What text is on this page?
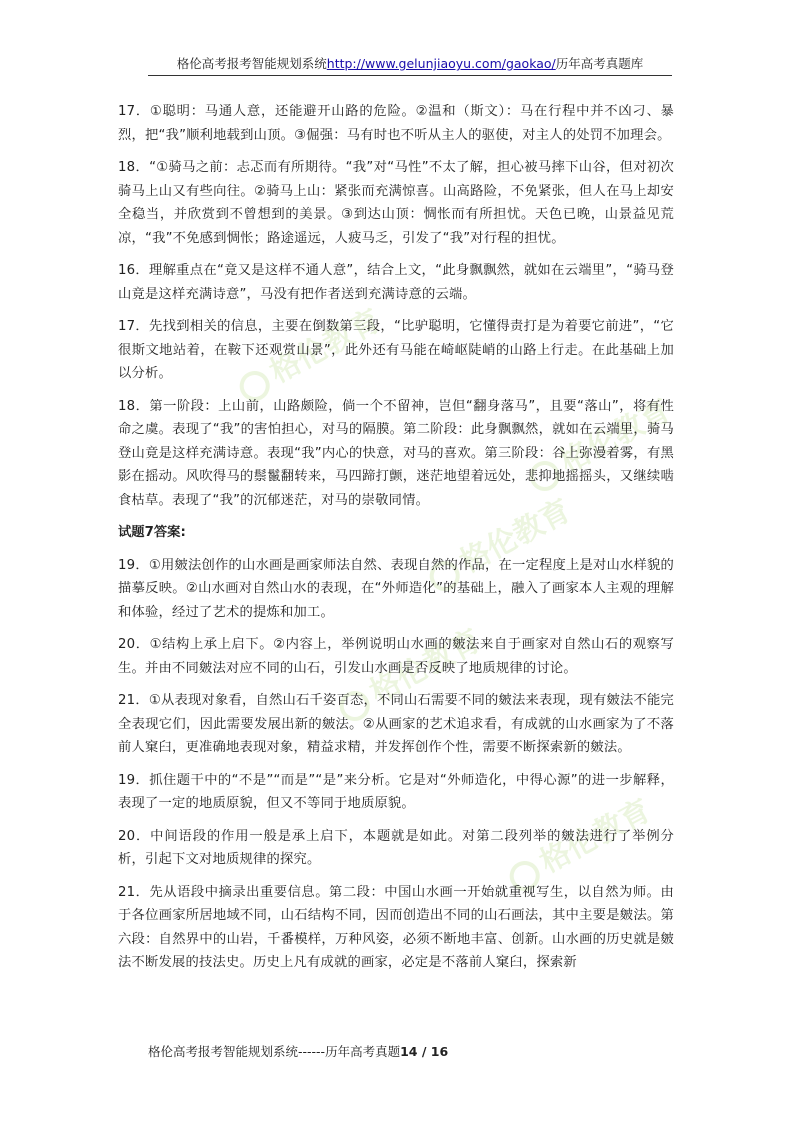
格伦高考报考智能规划系统http://www.gelunjiaoyu.com/gaokao/历年高考真题库
格伦教育
格伦教育
格伦教育
格伦教育
格伦教育

17．①聪明：马通人意，还能避开山路的危险。②温和（斯文）：马在行程中并不凶刁、暴烈，把“我”顺利地载到山顶。③倔强：马有时也不听从主人的驱使，对主人的处罚不加理会。

18．“①骑马之前：忐忑而有所期待。“我”对“马性”不太了解，担心被马摔下山谷，但对初次骑马上山又有些向往。②骑马上山：紧张而充满惊喜。山高路险，不免紧张，但人在马上却安全稳当，并欣赏到不曾想到的美景。③到达山顶：惆怅而有所担忧。天色已晚，山景益见荒凉，“我”不免感到惆怅；路途遥远，人疲马乏，引发了“我”对行程的担忧。

16．理解重点在“竟又是这样不通人意”，结合上文，“此身飘飘然，就如在云端里”，“骑马登山竟是这样充满诗意”，马没有把作者送到充满诗意的云端。

17．先找到相关的信息，主要在倒数第三段，“比驴聪明，它懂得责打是为着要它前进”，“它很斯文地站着，在鞍下还观赏山景”，此外还有马能在崎岖陡峭的山路上行走。在此基础上加以分析。

18．第一阶段：上山前，山路颇险，倘一个不留神，岂但“翻身落马”，且要“落山”，将有性命之虞。表现了“我”的害怕担心，对马的隔膜。第二阶段：此身飘飘然，就如在云端里，骑马登山竟是这样充满诗意。表现“我”内心的快意，对马的喜欢。第三阶段：谷上弥漫着雾，有黑影在摇动。风吹得马的鬃鬣翻转来，马四蹄打颤，迷茫地望着远处，悲抑地摇摇头，又继续啮食枯草。表现了“我”的沉郁迷茫，对马的崇敬同情。

试题7答案:

19．①用皴法创作的山水画是画家师法自然、表现自然的作品，在一定程度上是对山水样貌的描摹反映。②山水画对自然山水的表现，在“外师造化”的基础上，融入了画家本人主观的理解和体验，经过了艺术的提炼和加工。

20．①结构上承上启下。②内容上，举例说明山水画的皴法来自于画家对自然山石的观察写生。并由不同皴法对应不同的山石，引发山水画是否反映了地质规律的讨论。

21．①从表现对象看，自然山石千姿百态，不同山石需要不同的皴法来表现，现有皴法不能完全表现它们，因此需要发展出新的皴法。②从画家的艺术追求看，有成就的山水画家为了不落前人窠臼，更准确地表现对象，精益求精，并发挥创作个性，需要不断探索新的皴法。

19．抓住题干中的“不是”“而是”“是”来分析。它是对“外师造化，中得心源”的进一步解释，表现了一定的地质原貌，但又不等同于地质原貌。

20．中间语段的作用一般是承上启下，本题就是如此。对第二段列举的皴法进行了举例分析，引起下文对地质规律的探究。

21．先从语段中摘录出重要信息。第二段：中国山水画一开始就重视写生，以自然为师。由于各位画家所居地域不同，山石结构不同，因而创造出不同的山石画法，其中主要是皴法。第六段：自然界中的山岩，千番模样，万种风姿，必须不断地丰富、创新。山水画的历史就是皴法不断发展的技法史。历史上凡有成就的画家，必定是不落前人窠臼，探索新

格伦高考报考智能规划系统------历年高考真题14 / 16
